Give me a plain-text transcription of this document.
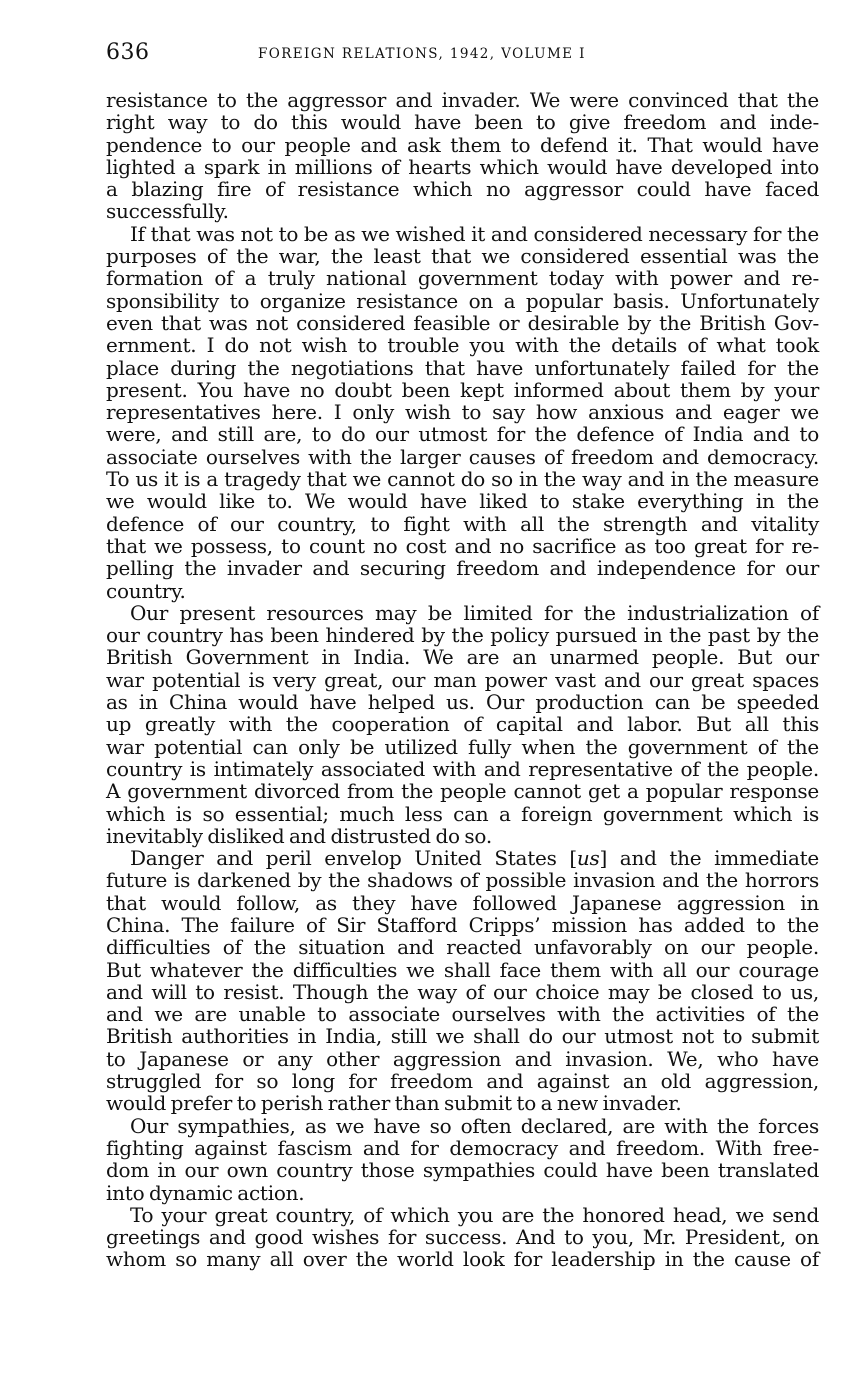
636	FOREIGN RELATIONS, 1942, VOLUME I
resistance to the aggressor and invader. We were convinced that the
right way to do this would have been to give freedom and inde-
pendence to our people and ask them to defend it. That would have
lighted a spark in millions of hearts which would have developed into
a blazing fire of resistance which no aggressor could have faced
successfully.
If that was not to be as we wished it and considered necessary for the
purposes of the war, the least that we considered essential was the
formation of a truly national government today with power and re-
sponsibility to organize resistance on a popular basis. Unfortunately
even that was not considered feasible or desirable by the British Gov-
ernment. I do not wish to trouble you with the details of what took
place during the negotiations that have unfortunately failed for the
present. You have no doubt been kept informed about them by your
representatives here. I only wish to say how anxious and eager we
were, and still are, to do our utmost for the defence of India and to
associate ourselves with the larger causes of freedom and democracy.
To us it is a tragedy that we cannot do so in the way and in the measure
we would like to. We would have liked to stake everything in the
defence of our country, to fight with all the strength and vitality
that we possess, to count no cost and no sacrifice as too great for re-
pelling the invader and securing freedom and independence for our
country.
Our present resources may be limited for the industrialization of
our country has been hindered by the policy pursued in the past by the
British Government in India. We are an unarmed people. But our
war potential is very great, our man power vast and our great spaces
as in China would have helped us. Our production can be speeded
up greatly with the cooperation of capital and labor. But all this
war potential can only be utilized fully when the government of the
country is intimately associated with and representative of the people.
A government divorced from the people cannot get a popular response
which is so essential; much less can a foreign government which is
inevitably disliked and distrusted do so.
Danger and peril envelop United States [us] and the immediate
future is darkened by the shadows of possible invasion and the horrors
that would follow, as they have followed Japanese aggression in
China. The failure of Sir Stafford Cripps’ mission has added to the
difficulties of the situation and reacted unfavorably on our people.
But whatever the difficulties we shall face them with all our courage
and will to resist. Though the way of our choice may be closed to us,
and we are unable to associate ourselves with the activities of the
British authorities in India, still we shall do our utmost not to submit
to Japanese or any other aggression and invasion. We, who have
struggled for so long for freedom and against an old aggression,
would prefer to perish rather than submit to a new invader.
Our sympathies, as we have so often declared, are with the forces
fighting against fascism and for democracy and freedom. With free-
dom in our own country those sympathies could have been translated
into dynamic action.
To your great country, of which you are the honored head, we send
greetings and good wishes for success. And to you, Mr. President, on
whom so many all over the world look for leadership in the cause of
